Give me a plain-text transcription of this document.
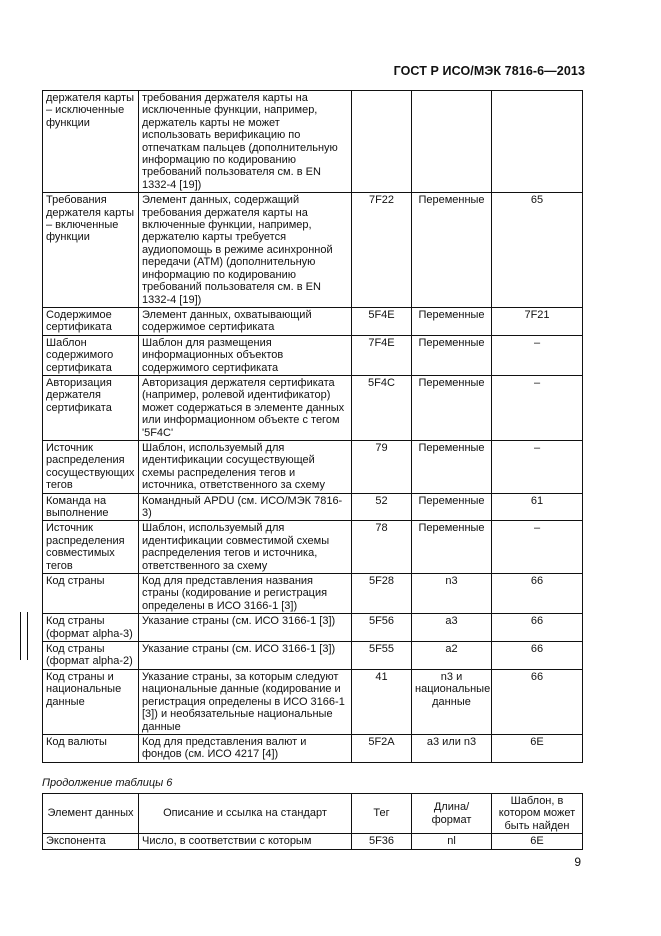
ГОСТ Р ИСО/МЭК 7816-6—2013
держателя карты – исключенные функции	требования держателя карты на исключенные функции, например, держатель карты не может использовать верификацию по отпечаткам пальцев (дополнительную информацию по кодированию требований пользователя см. в EN 1332-4 [19])			
Требования держателя карты – включенные функции	Элемент данных, содержащий требования держателя карты на включенные функции, например, держателю карты требуется аудиопомощь в режиме асинхронной передачи (ATM) (дополнительную информацию по кодированию требований пользователя см. в EN 1332-4 [19])	7F22	Переменные	65
Содержимое сертификата	Элемент данных, охватывающий содержимое сертификата	5F4E	Переменные	7F21
Шаблон содержимого сертификата	Шаблон для размещения информационных объектов содержимого сертификата	7F4E	Переменные	–
Авторизация держателя сертификата	Авторизация держателя сертификата (например, ролевой идентификатор) может содержаться в элементе данных или информационном объекте с тегом '5F4C'	5F4C	Переменные	–
Источник распределения сосуществующих тегов	Шаблон, используемый для идентификации сосуществующей схемы распределения тегов и источника, ответственного за схему	79	Переменные	–
Команда на выполнение	Командный APDU (см. ИСО/МЭК 7816-3)	52	Переменные	61
Источник распределения совместимых тегов	Шаблон, используемый для идентификации совместимой схемы распределения тегов и источника, ответственного за схему	78	Переменные	–
Код страны	Код для представления названия страны (кодирование и регистрация определены в ИСО 3166-1 [3])	5F28	n3	66
Код страны (формат alpha-3)	Указание страны (см. ИСО 3166-1 [3])	5F56	a3	66
Код страны (формат alpha-2)	Указание страны (см. ИСО 3166-1 [3])	5F55	a2	66
Код страны и национальные данные	Указание страны, за которым следуют национальные данные (кодирование и регистрация определены в ИСО 3166-1 [3]) и необязательные национальные данные	41	n3 и национальные данные	66
Код валюты	Код для представления валют и фондов (см. ИСО 4217 [4])	5F2A	a3 или n3	6E
Продолжение таблицы 6
Элемент данных	Описание и ссылка на стандарт	Тег	Длина/формат	Шаблон, в котором может быть найден
Экспонента	Число, в соответствии с которым	5F36	nl	6E
9
